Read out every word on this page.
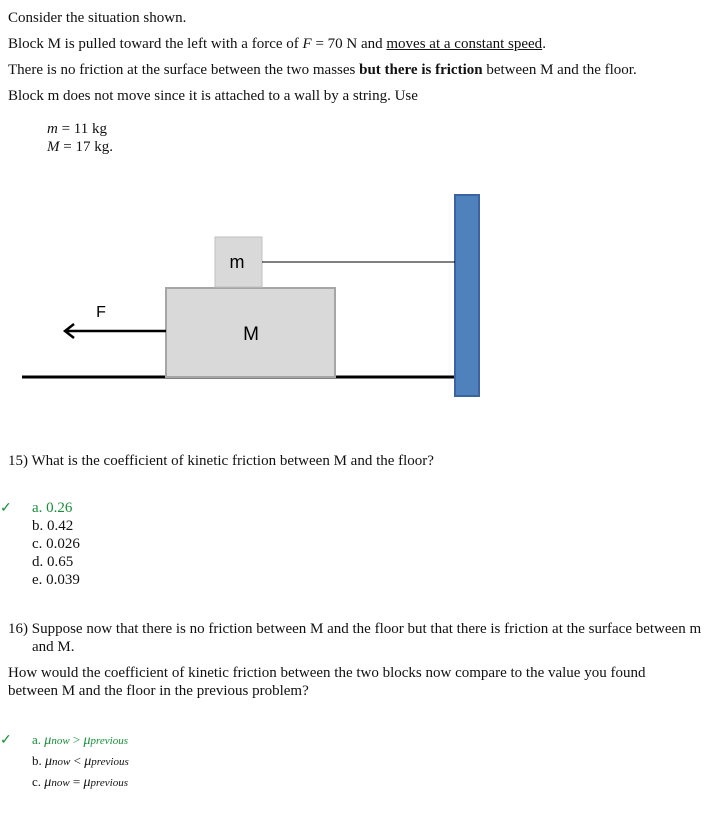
Consider the situation shown.
Block M is pulled toward the left with a force of F = 70 N and moves at a constant speed.
There is no friction at the surface between the two masses but there is friction between M and the floor.
Block m does not move since it is attached to a wall by a string. Use
m = 11 kg
M = 17 kg.
m
M
F
15) What is the coefficient of kinetic friction between M and the floor?
✓ a. 0.26
b. 0.42
c. 0.026
d. 0.65
e. 0.039
16) Suppose now that there is no friction between M and the floor but that there is friction at the surface between m and M.
How would the coefficient of kinetic friction between the two blocks now compare to the value you found between M and the floor in the previous problem?
✓ a. μnow > μprevious
b. μnow < μprevious
c. μnow = μprevious
